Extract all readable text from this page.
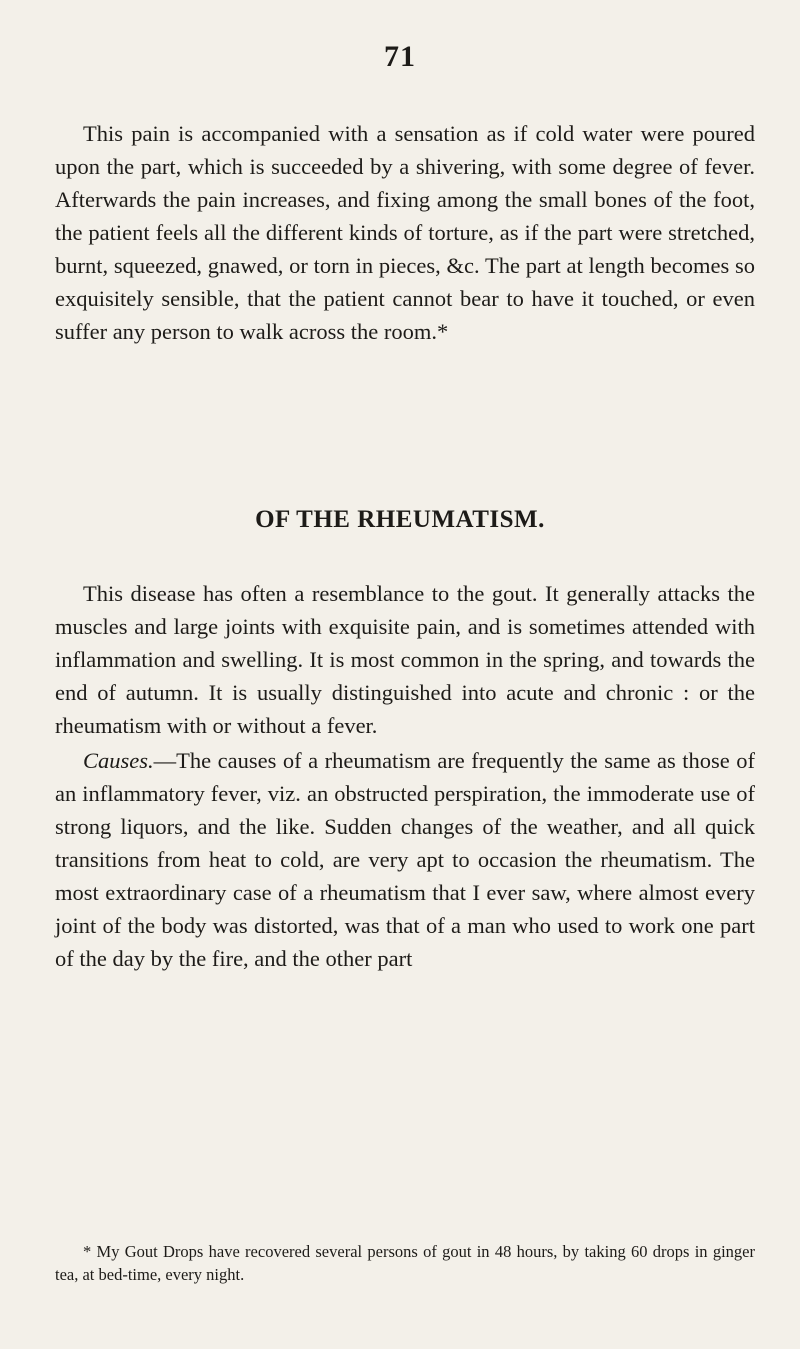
71

This pain is accompanied with a sensation as if cold water were poured upon the part, which is succeeded by a shivering, with some degree of fever. Afterwards the pain increases, and fixing among the small bones of the foot, the patient feels all the different kinds of torture, as if the part were stretched, burnt, squeezed, gnawed, or torn in pieces, &c. The part at length becomes so exquisitely sensible, that the patient cannot bear to have it touched, or even suffer any person to walk across the room.*

OF THE RHEUMATISM.

This disease has often a resemblance to the gout. It generally attacks the muscles and large joints with exquisite pain, and is sometimes attended with inflammation and swelling. It is most common in the spring, and towards the end of autumn. It is usually distinguished into acute and chronic : or the rheumatism with or without a fever.

Causes.—The causes of a rheumatism are frequently the same as those of an inflammatory fever, viz. an obstructed perspiration, the immoderate use of strong liquors, and the like. Sudden changes of the weather, and all quick transitions from heat to cold, are very apt to occasion the rheumatism. The most extraordinary case of a rheumatism that I ever saw, where almost every joint of the body was distorted, was that of a man who used to work one part of the day by the fire, and the other part

* My Gout Drops have recovered several persons of gout in 48 hours, by taking 60 drops in ginger tea, at bed-time, every night.
